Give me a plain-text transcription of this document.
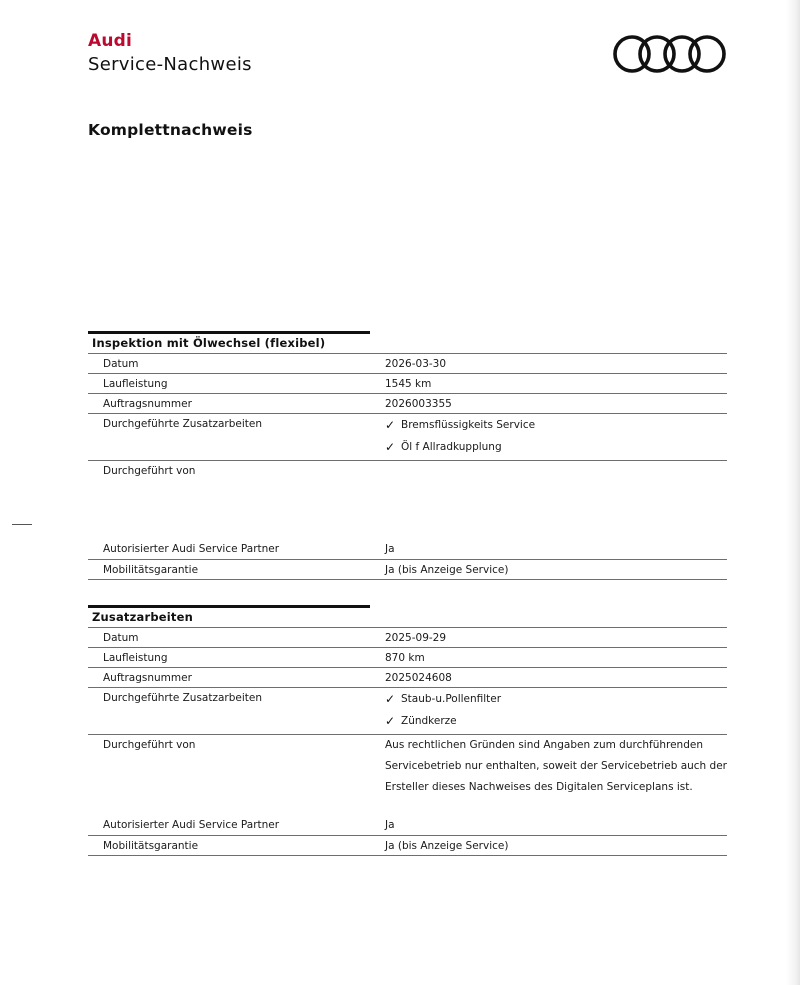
Audi
Service-Nachweis
Komplettnachweis
Inspektion mit Ölwechsel (flexibel)
Datum	2026-03-30
Laufleistung	1545 km
Auftragsnummer	2026003355
Durchgeführte Zusatzarbeiten	✓ Bremsflüssigkeits Service
✓ Öl f Allradkupplung
Durchgeführt von
Autorisierter Audi Service Partner	Ja
Mobilitätsgarantie	Ja (bis Anzeige Service)
Zusatzarbeiten
Datum	2025-09-29
Laufleistung	870 km
Auftragsnummer	2025024608
Durchgeführte Zusatzarbeiten	✓ Staub-u.Pollenfilter
✓ Zündkerze
Durchgeführt von	Aus rechtlichen Gründen sind Angaben zum durchführenden
Servicebetrieb nur enthalten, soweit der Servicebetrieb auch der
Ersteller dieses Nachweises des Digitalen Serviceplans ist.
Autorisierter Audi Service Partner	Ja
Mobilitätsgarantie	Ja (bis Anzeige Service)
